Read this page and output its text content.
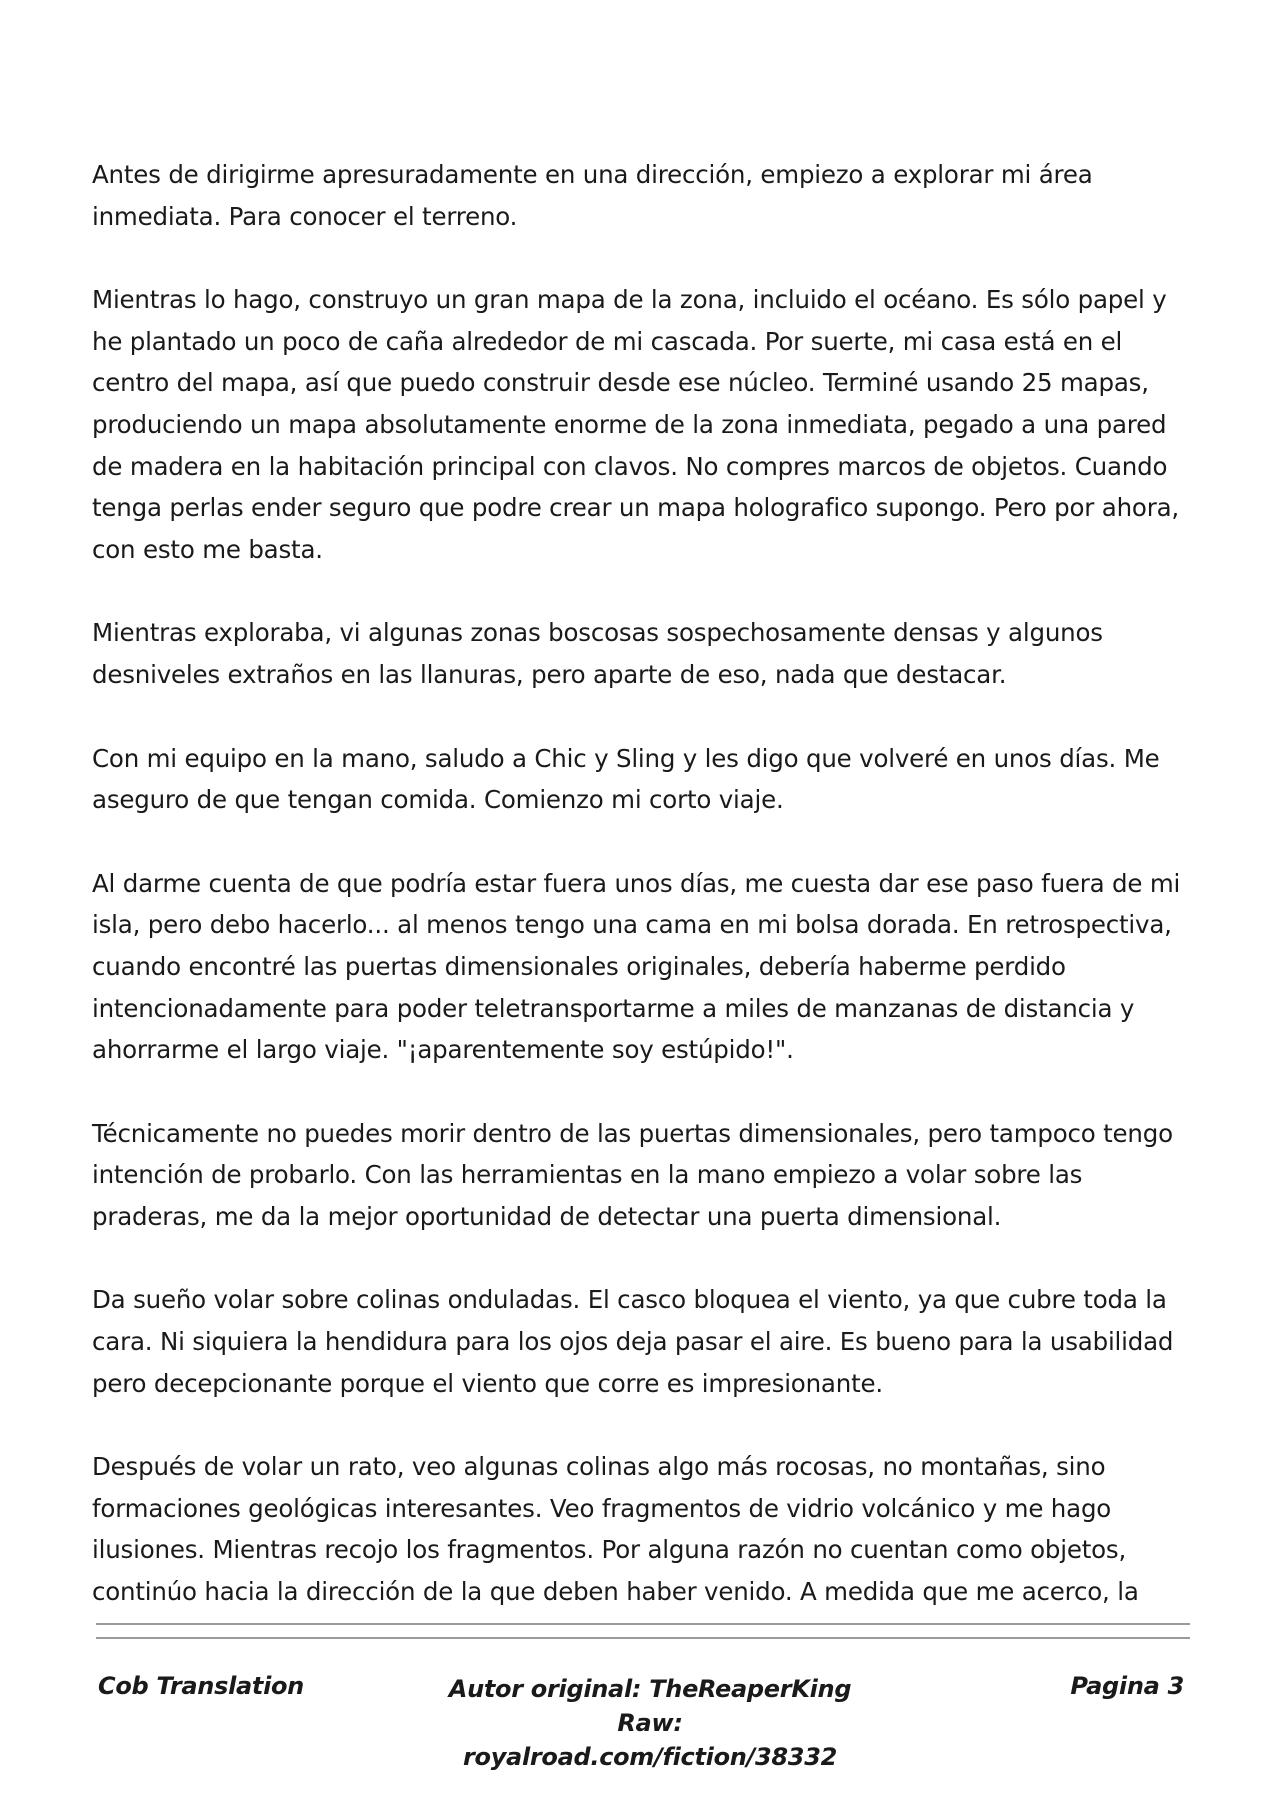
Antes de dirigirme apresuradamente en una dirección, empiezo a explorar mi área inmediata. Para conocer el terreno.

Mientras lo hago, construyo un gran mapa de la zona, incluido el océano. Es sólo papel y he plantado un poco de caña alrededor de mi cascada. Por suerte, mi casa está en el centro del mapa, así que puedo construir desde ese núcleo. Terminé usando 25 mapas, produciendo un mapa absolutamente enorme de la zona inmediata, pegado a una pared de madera en la habitación principal con clavos. No compres marcos de objetos. Cuando tenga perlas ender seguro que podre crear un mapa holografico supongo. Pero por ahora, con esto me basta.

Mientras exploraba, vi algunas zonas boscosas sospechosamente densas y algunos desniveles extraños en las llanuras, pero aparte de eso, nada que destacar.

Con mi equipo en la mano, saludo a Chic y Sling y les digo que volveré en unos días. Me aseguro de que tengan comida. Comienzo mi corto viaje.

Al darme cuenta de que podría estar fuera unos días, me cuesta dar ese paso fuera de mi isla, pero debo hacerlo... al menos tengo una cama en mi bolsa dorada. En retrospectiva, cuando encontré las puertas dimensionales originales, debería haberme perdido intencionadamente para poder teletransportarme a miles de manzanas de distancia y ahorrarme el largo viaje. "¡aparentemente soy estúpido!".

Técnicamente no puedes morir dentro de las puertas dimensionales, pero tampoco tengo intención de probarlo. Con las herramientas en la mano empiezo a volar sobre las praderas, me da la mejor oportunidad de detectar una puerta dimensional.

Da sueño volar sobre colinas onduladas. El casco bloquea el viento, ya que cubre toda la cara. Ni siquiera la hendidura para los ojos deja pasar el aire. Es bueno para la usabilidad pero decepcionante porque el viento que corre es impresionante.

Después de volar un rato, veo algunas colinas algo más rocosas, no montañas, sino formaciones geológicas interesantes. Veo fragmentos de vidrio volcánico y me hago ilusiones. Mientras recojo los fragmentos. Por alguna razón no cuentan como objetos, continúo hacia la dirección de la que deben haber venido. A medida que me acerco, la

Cob Translation	Autor original: TheReaperKing
Raw: royalroad.com/fiction/38332
Pagina 3
